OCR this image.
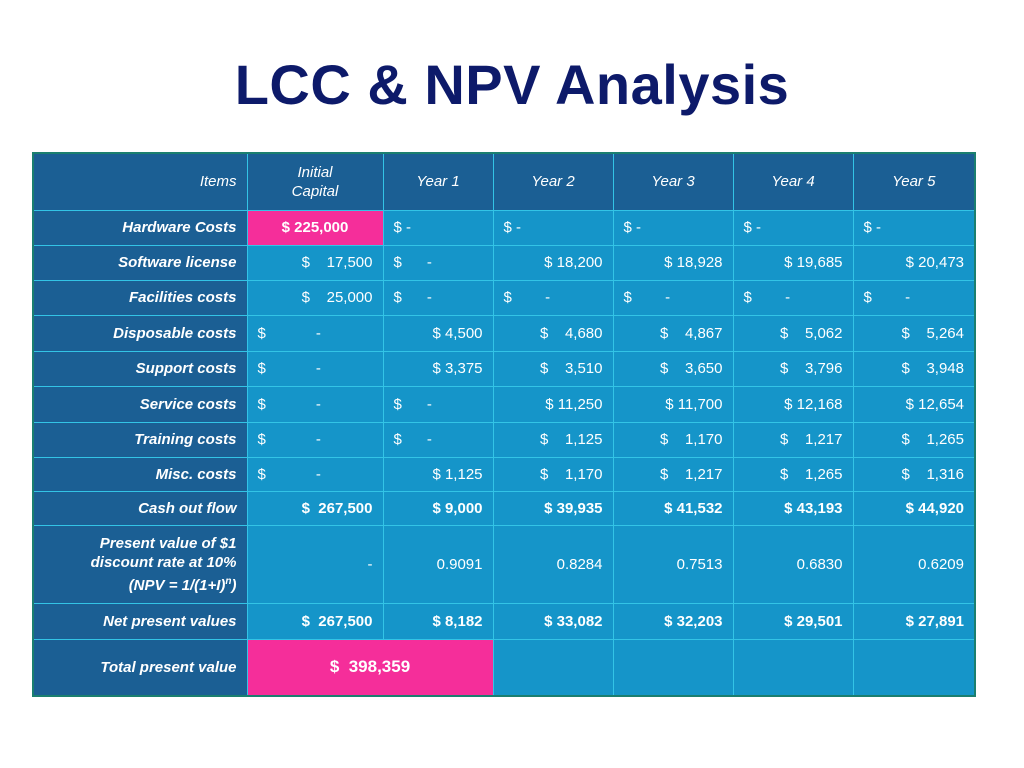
LCC & NPV Analysis
Items	Initial Capital	Year 1	Year 2	Year 3	Year 4	Year 5
Hardware Costs	$ 225,000	$ -	$ -	$ -	$ -	$ -
Software license	$    17,500	$      -	$ 18,200	$ 18,928	$ 19,685	$ 20,473
Facilities costs	$    25,000	$      -	$        -	$        -	$        -	$        -
Disposable costs	$            -	$ 4,500	$    4,680	$    4,867	$    5,062	$    5,264
Support costs	$            -	$ 3,375	$    3,510	$    3,650	$    3,796	$    3,948
Service costs	$            -	$      -	$ 11,250	$ 11,700	$ 12,168	$ 12,654
Training costs	$            -	$      -	$    1,125	$    1,170	$    1,217	$    1,265
Misc. costs	$            -	$ 1,125	$    1,170	$    1,217	$    1,265	$    1,316
Cash out flow	$  267,500	$ 9,000	$ 39,935	$ 41,532	$ 43,193	$ 44,920
Present value of $1
discount rate at 10%
$(NPV = 1/(1+I)^n)$	-	0.9091	0.8284	0.7513	0.6830	0.6209
Net present values	$  267,500	$ 8,182	$ 33,082	$ 32,203	$ 29,501	$ 27,891
Total present value	$  398,359					
